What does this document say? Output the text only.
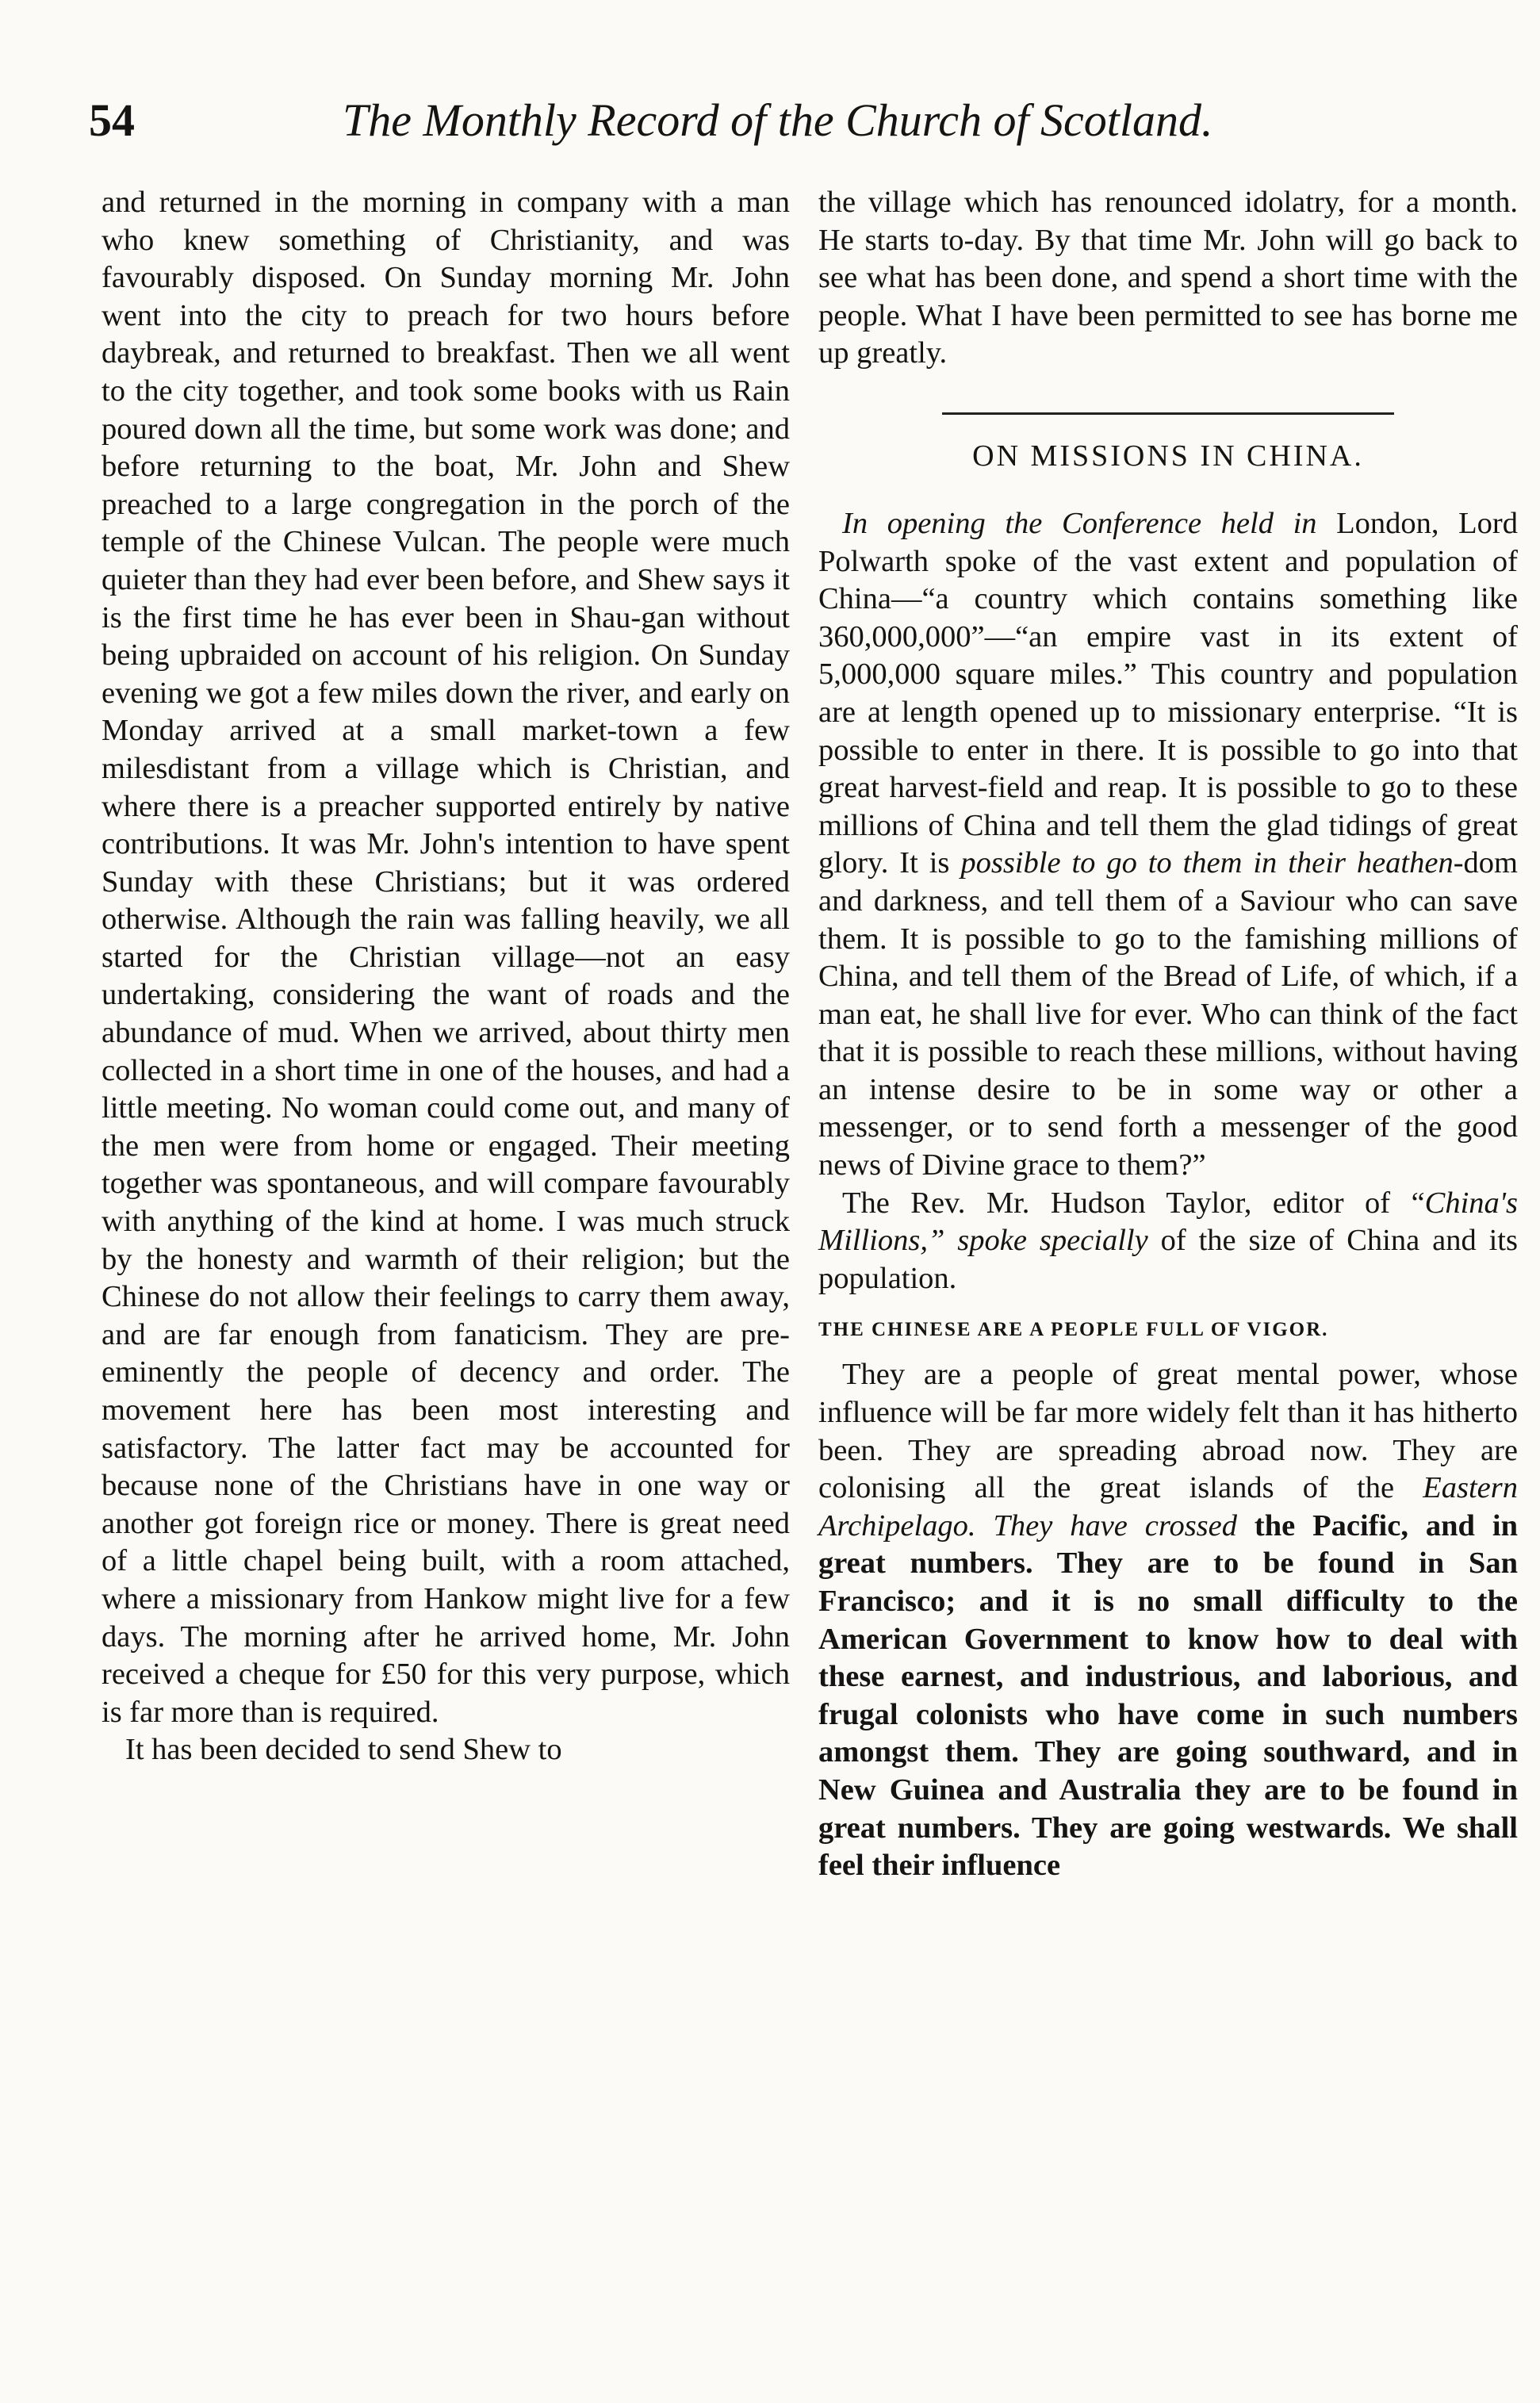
54	The Monthly Record of the Church of Scotland.

and returned in the morning in company with a man who knew something of Christianity, and was favourably disposed. On Sunday morning Mr. John went into the city to preach for two hours before daybreak, and returned to breakfast. Then we all went to the city together, and took some books with us Rain poured down all the time, but some work was done; and before returning to the boat, Mr. John and Shew preached to a large congregation in the porch of the temple of the Chinese Vulcan. The people were much quieter than they had ever been before, and Shew says it is the first time he has ever been in Shau-gan without being upbraided on account of his religion. On Sunday evening we got a few miles down the river, and early on Monday arrived at a small market-town a few milesdistant from a village which is Christian, and where there is a preacher supported entirely by native contributions. It was Mr. John's intention to have spent Sunday with these Christians; but it was ordered otherwise. Although the rain was falling heavily, we all started for the Christian village—not an easy undertaking, considering the want of roads and the abundance of mud. When we arrived, about thirty men collected in a short time in one of the houses, and had a little meeting. No woman could come out, and many of the men were from home or engaged. Their meeting together was spontaneous, and will compare favourably with anything of the kind at home. I was much struck by the honesty and warmth of their religion; but the Chinese do not allow their feelings to carry them away, and are far enough from fanaticism. They are pre-eminently the people of decency and order. The movement here has been most interesting and satisfactory. The latter fact may be accounted for because none of the Christians have in one way or another got foreign rice or money. There is great need of a little chapel being built, with a room attached, where a missionary from Hankow might live for a few days. The morning after he arrived home, Mr. John received a cheque for £50 for this very purpose, which is far more than is required.

It has been decided to send Shew to

the village which has renounced idolatry, for a month. He starts to-day. By that time Mr. John will go back to see what has been done, and spend a short time with the people. What I have been permitted to see has borne me up greatly.

ON MISSIONS IN CHINA.

In opening the Conference held in London, Lord Polwarth spoke of the vast extent and population of China—“a country which contains something like 360,000,000”—“an empire vast in its extent of 5,000,000 square miles.” This country and population are at length opened up to missionary enterprise. “It is possible to enter in there. It is possible to go into that great harvest-field and reap. It is possible to go to these millions of China and tell them the glad tidings of great glory. It is possible to go to them in their heathen-dom and darkness, and tell them of a Saviour who can save them. It is possible to go to the famishing millions of China, and tell them of the Bread of Life, of which, if a man eat, he shall live for ever. Who can think of the fact that it is possible to reach these millions, without having an intense desire to be in some way or other a messenger, or to send forth a messenger of the good news of Divine grace to them?”

The Rev. Mr. Hudson Taylor, editor of “China's Millions,” spoke specially of the size of China and its population.

THE CHINESE ARE A PEOPLE FULL OF VIGOR.

They are a people of great mental power, whose influence will be far more widely felt than it has hitherto been. They are spreading abroad now. They are colonising all the great islands of the Eastern Archipelago. They have crossed the Pacific, and in great numbers. They are to be found in San Francisco; and it is no small difficulty to the American Government to know how to deal with these earnest, and industrious, and laborious, and frugal colonists who have come in such numbers amongst them. They are going southward, and in New Guinea and Australia they are to be found in great numbers. They are going westwards. We shall feel their influence
